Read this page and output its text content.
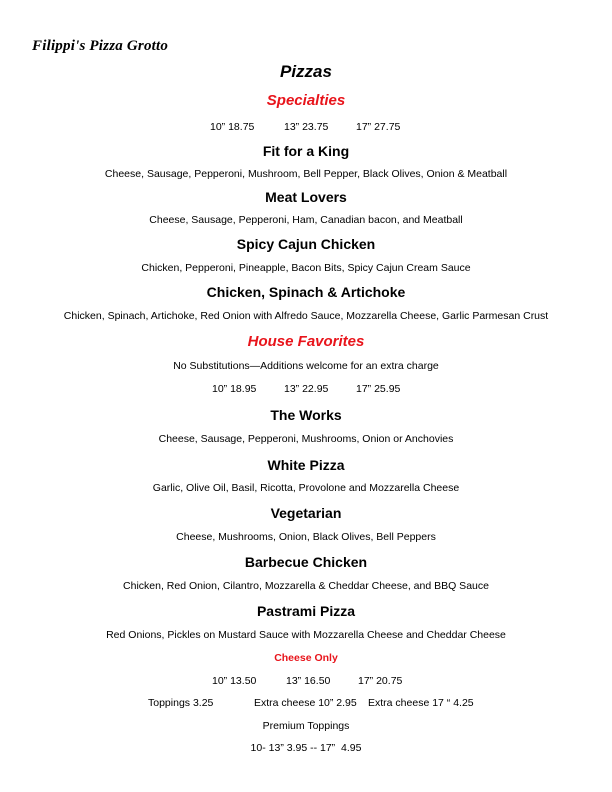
Filippi's Pizza Grotto
Pizzas
Specialties
10” 18.75	13” 23.75	17” 27.75
Fit for a King
Cheese, Sausage, Pepperoni, Mushroom, Bell Pepper, Black Olives, Onion & Meatball
Meat Lovers
Cheese, Sausage, Pepperoni, Ham, Canadian bacon, and Meatball
Spicy Cajun Chicken
Chicken, Pepperoni, Pineapple, Bacon Bits, Spicy Cajun Cream Sauce
Chicken, Spinach & Artichoke
Chicken, Spinach, Artichoke, Red Onion with Alfredo Sauce, Mozzarella Cheese, Garlic Parmesan Crust
House Favorites
No Substitutions—Additions welcome for an extra charge
10” 18.95	13” 22.95	17” 25.95
The Works
Cheese, Sausage, Pepperoni, Mushrooms, Onion or Anchovies
White Pizza
Garlic, Olive Oil, Basil, Ricotta, Provolone and Mozzarella Cheese
Vegetarian
Cheese, Mushrooms, Onion, Black Olives, Bell Peppers
Barbecue Chicken
Chicken, Red Onion, Cilantro, Mozzarella & Cheddar Cheese, and BBQ Sauce
Pastrami Pizza
Red Onions, Pickles on Mustard Sauce with Mozzarella Cheese and Cheddar Cheese
Cheese Only
10” 13.50	13” 16.50	17” 20.75
Toppings 3.25	Extra cheese 10” 2.95 Extra cheese 17 “ 4.25
Premium Toppings
10- 13” 3.95 -- 17”  4.95
